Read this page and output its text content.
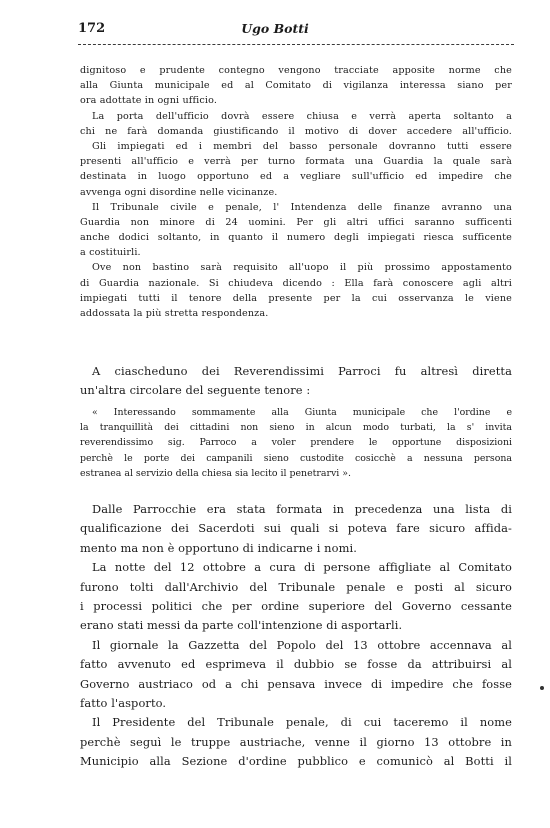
172	Ugo Botti
dignitoso e prudente contegno vengono tracciate apposite norme che
alla Giunta municipale ed al Comitato di vigilanza interessa siano per
ora adottate in ogni ufficio.
La porta dell'ufficio dovrà essere chiusa e verrà aperta soltanto a
chi ne farà domanda giustificando il motivo di dover accedere all'ufficio.
Gli impiegati ed i membri del basso personale dovranno tutti essere
presenti all'ufficio e verrà per turno formata una Guardia la quale sarà
destinata in luogo opportuno ed a vegliare sull'ufficio ed impedire che
avvenga ogni disordine nelle vicinanze.
Il Tribunale civile e penale, l' Intendenza delle finanze avranno una
Guardia non minore di 24 uomini. Per gli altri uffici saranno sufficenti
anche dodici soltanto, in quanto il numero degli impiegati riesca sufficente
a costituirli.
Ove non bastino sarà requisito all'uopo il più prossimo appostamento
di Guardia nazionale. Si chiudeva dicendo : Ella farà conoscere agli altri
impiegati tutti il tenore della presente per la cui osservanza le viene
addossata la più stretta respondenza.
A ciascheduno dei Reverendissimi Parroci fu altresì diretta
un'altra circolare del seguente tenore :
« Interessando sommamente alla Giunta municipale che l'ordine e
la tranquillità dei cittadini non sieno in alcun modo turbati, la s' invita
reverendissimo sig. Parroco a voler prendere le opportune disposizioni
perchè le porte dei campanili sieno custodite cosicchè a nessuna persona
estranea al servizio della chiesa sia lecito il penetrarvi ».
Dalle Parrocchie era stata formata in precedenza una lista di
qualificazione dei Sacerdoti sui quali si poteva fare sicuro affida-
mento ma non è opportuno di indicarne i nomi.
La notte del 12 ottobre a cura di persone affigliate al Comitato
furono tolti dall'Archivio del Tribunale penale e posti al sicuro
i processi politici che per ordine superiore del Governo cessante
erano stati messi da parte coll'intenzione di asportarli.
Il giornale la Gazzetta del Popolo del 13 ottobre accennava al
fatto avvenuto ed esprimeva il dubbio se fosse da attribuirsi al
Governo austriaco od a chi pensava invece di impedire che fosse
fatto l'asporto.
Il Presidente del Tribunale penale, di cui taceremo il nome
perchè seguì le truppe austriache, venne il giorno 13 ottobre in
Municipio alla Sezione d'ordine pubblico e comunicò al Botti il
